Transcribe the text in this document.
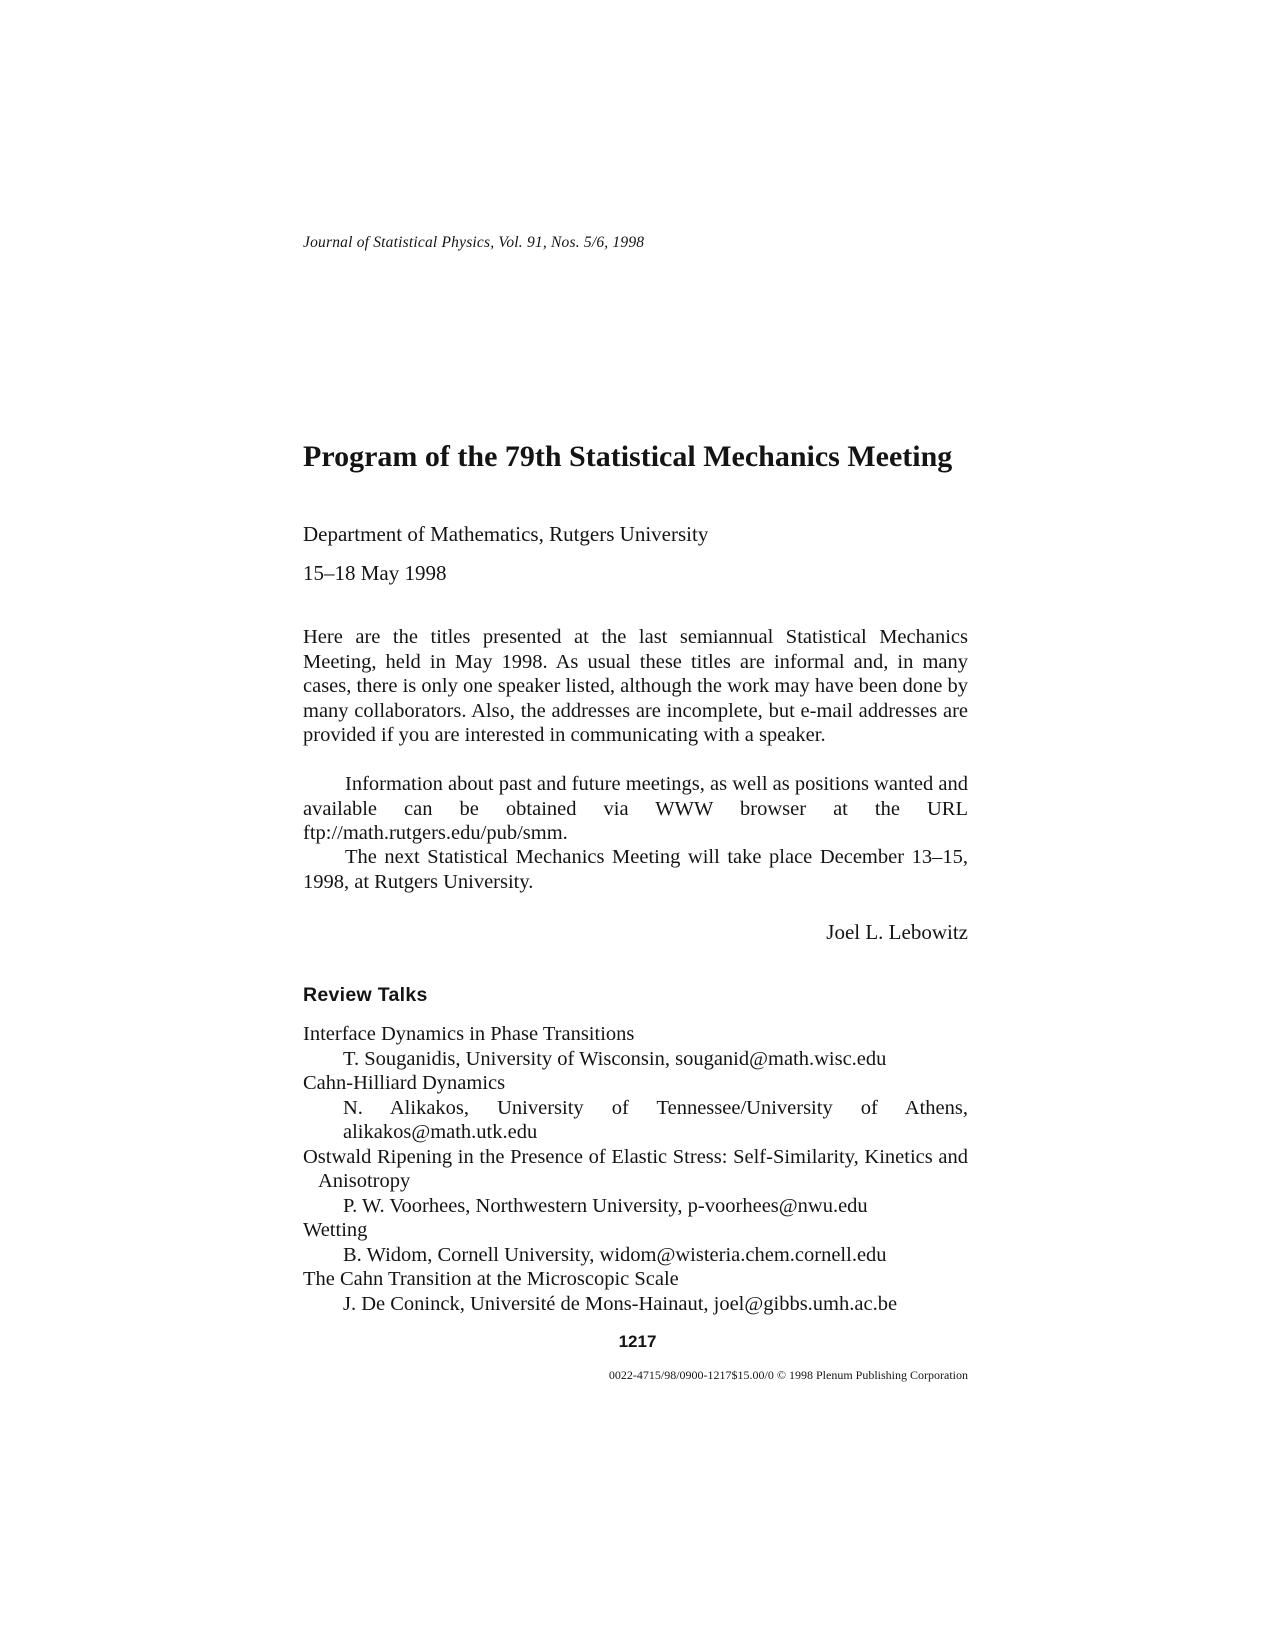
Journal of Statistical Physics, Vol. 91, Nos. 5/6, 1998
Program of the 79th Statistical Mechanics Meeting
Department of Mathematics, Rutgers University
15–18 May 1998

Here are the titles presented at the last semiannual Statistical Mechanics Meeting, held in May 1998. As usual these titles are informal and, in many cases, there is only one speaker listed, although the work may have been done by many collaborators. Also, the addresses are incomplete, but e-mail addresses are provided if you are interested in communicating with a speaker.

Information about past and future meetings, as well as positions wanted and available can be obtained via WWW browser at the URL ftp://math.rutgers.edu/pub/smm.

The next Statistical Mechanics Meeting will take place December 13–15, 1998, at Rutgers University.

Joel L. Lebowitz
Review Talks
Interface Dynamics in Phase Transitions
T. Souganidis, University of Wisconsin, souganid@math.wisc.edu
Cahn-Hilliard Dynamics
N. Alikakos, University of Tennessee/University of Athens, alikakos@math.utk.edu
Ostwald Ripening in the Presence of Elastic Stress: Self-Similarity, Kinetics and Anisotropy
P. W. Voorhees, Northwestern University, p-voorhees@nwu.edu
Wetting
B. Widom, Cornell University, widom@wisteria.chem.cornell.edu
The Cahn Transition at the Microscopic Scale
J. De Coninck, Université de Mons-Hainaut, joel@gibbs.umh.ac.be
1217
0022-4715/98/0900-1217$15.00/0 © 1998 Plenum Publishing Corporation
